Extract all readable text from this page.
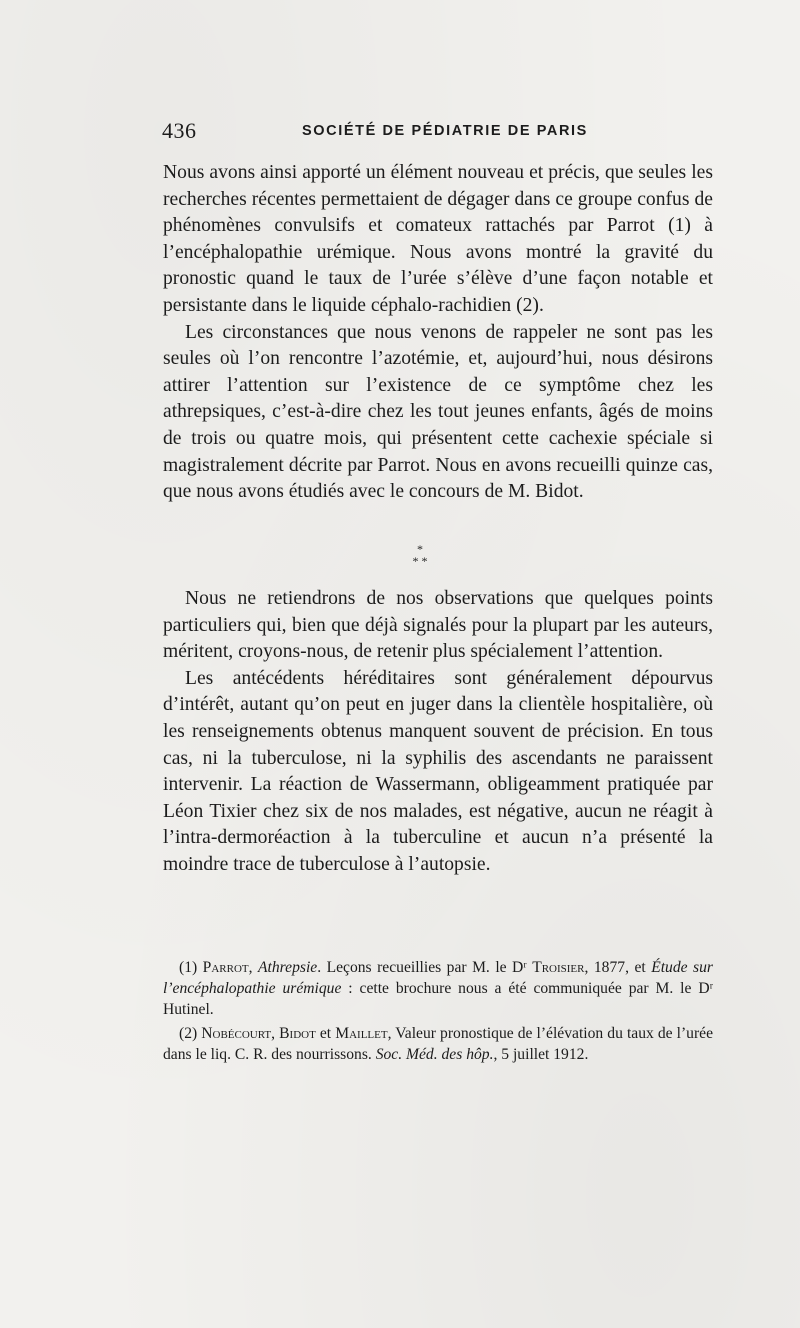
436	SOCIÉTÉ DE PÉDIATRIE DE PARIS

Nous avons ainsi apporté un élément nouveau et précis, que seules les recherches récentes permettaient de dégager dans ce groupe confus de phénomènes convulsifs et comateux rattachés par Parrot (1) à l’encéphalopathie urémique. Nous avons montré la gravité du pronostic quand le taux de l’urée s’élève d’une façon notable et persistante dans le liquide céphalo-rachidien (2).

Les circonstances que nous venons de rappeler ne sont pas les seules où l’on rencontre l’azotémie, et, aujourd’hui, nous désirons attirer l’attention sur l’existence de ce symptôme chez les athrepsiques, c’est-à-dire chez les tout jeunes enfants, âgés de moins de trois ou quatre mois, qui présentent cette cachexie spéciale si magistralement décrite par Parrot. Nous en avons recueilli quinze cas, que nous avons étudiés avec le concours de M. Bidot.

*
* *

Nous ne retiendrons de nos observations que quelques points particuliers qui, bien que déjà signalés pour la plupart par les auteurs, méritent, croyons-nous, de retenir plus spécialement l’attention.

Les antécédents héréditaires sont généralement dépourvus d’intérêt, autant qu’on peut en juger dans la clientèle hospitalière, où les renseignements obtenus manquent souvent de précision. En tous cas, ni la tuberculose, ni la syphilis des ascendants ne paraissent intervenir. La réaction de Wassermann, obligeamment pratiquée par Léon Tixier chez six de nos malades, est négative, aucun ne réagit à l’intra-dermoréaction à la tuberculine et aucun n’a présenté la moindre trace de tuberculose à l’autopsie.

(1) Parrot, Athrepsie. Leçons recueillies par M. le Dʳ Troisier, 1877, et Étude sur l’encéphalopathie urémique : cette brochure nous a été communiquée par M. le Dʳ Hutinel.

(2) Nobécourt, Bidot et Maillet, Valeur pronostique de l’élévation du taux de l’urée dans le liq. C. R. des nourrissons. Soc. Méd. des hôp., 5 juillet 1912.
